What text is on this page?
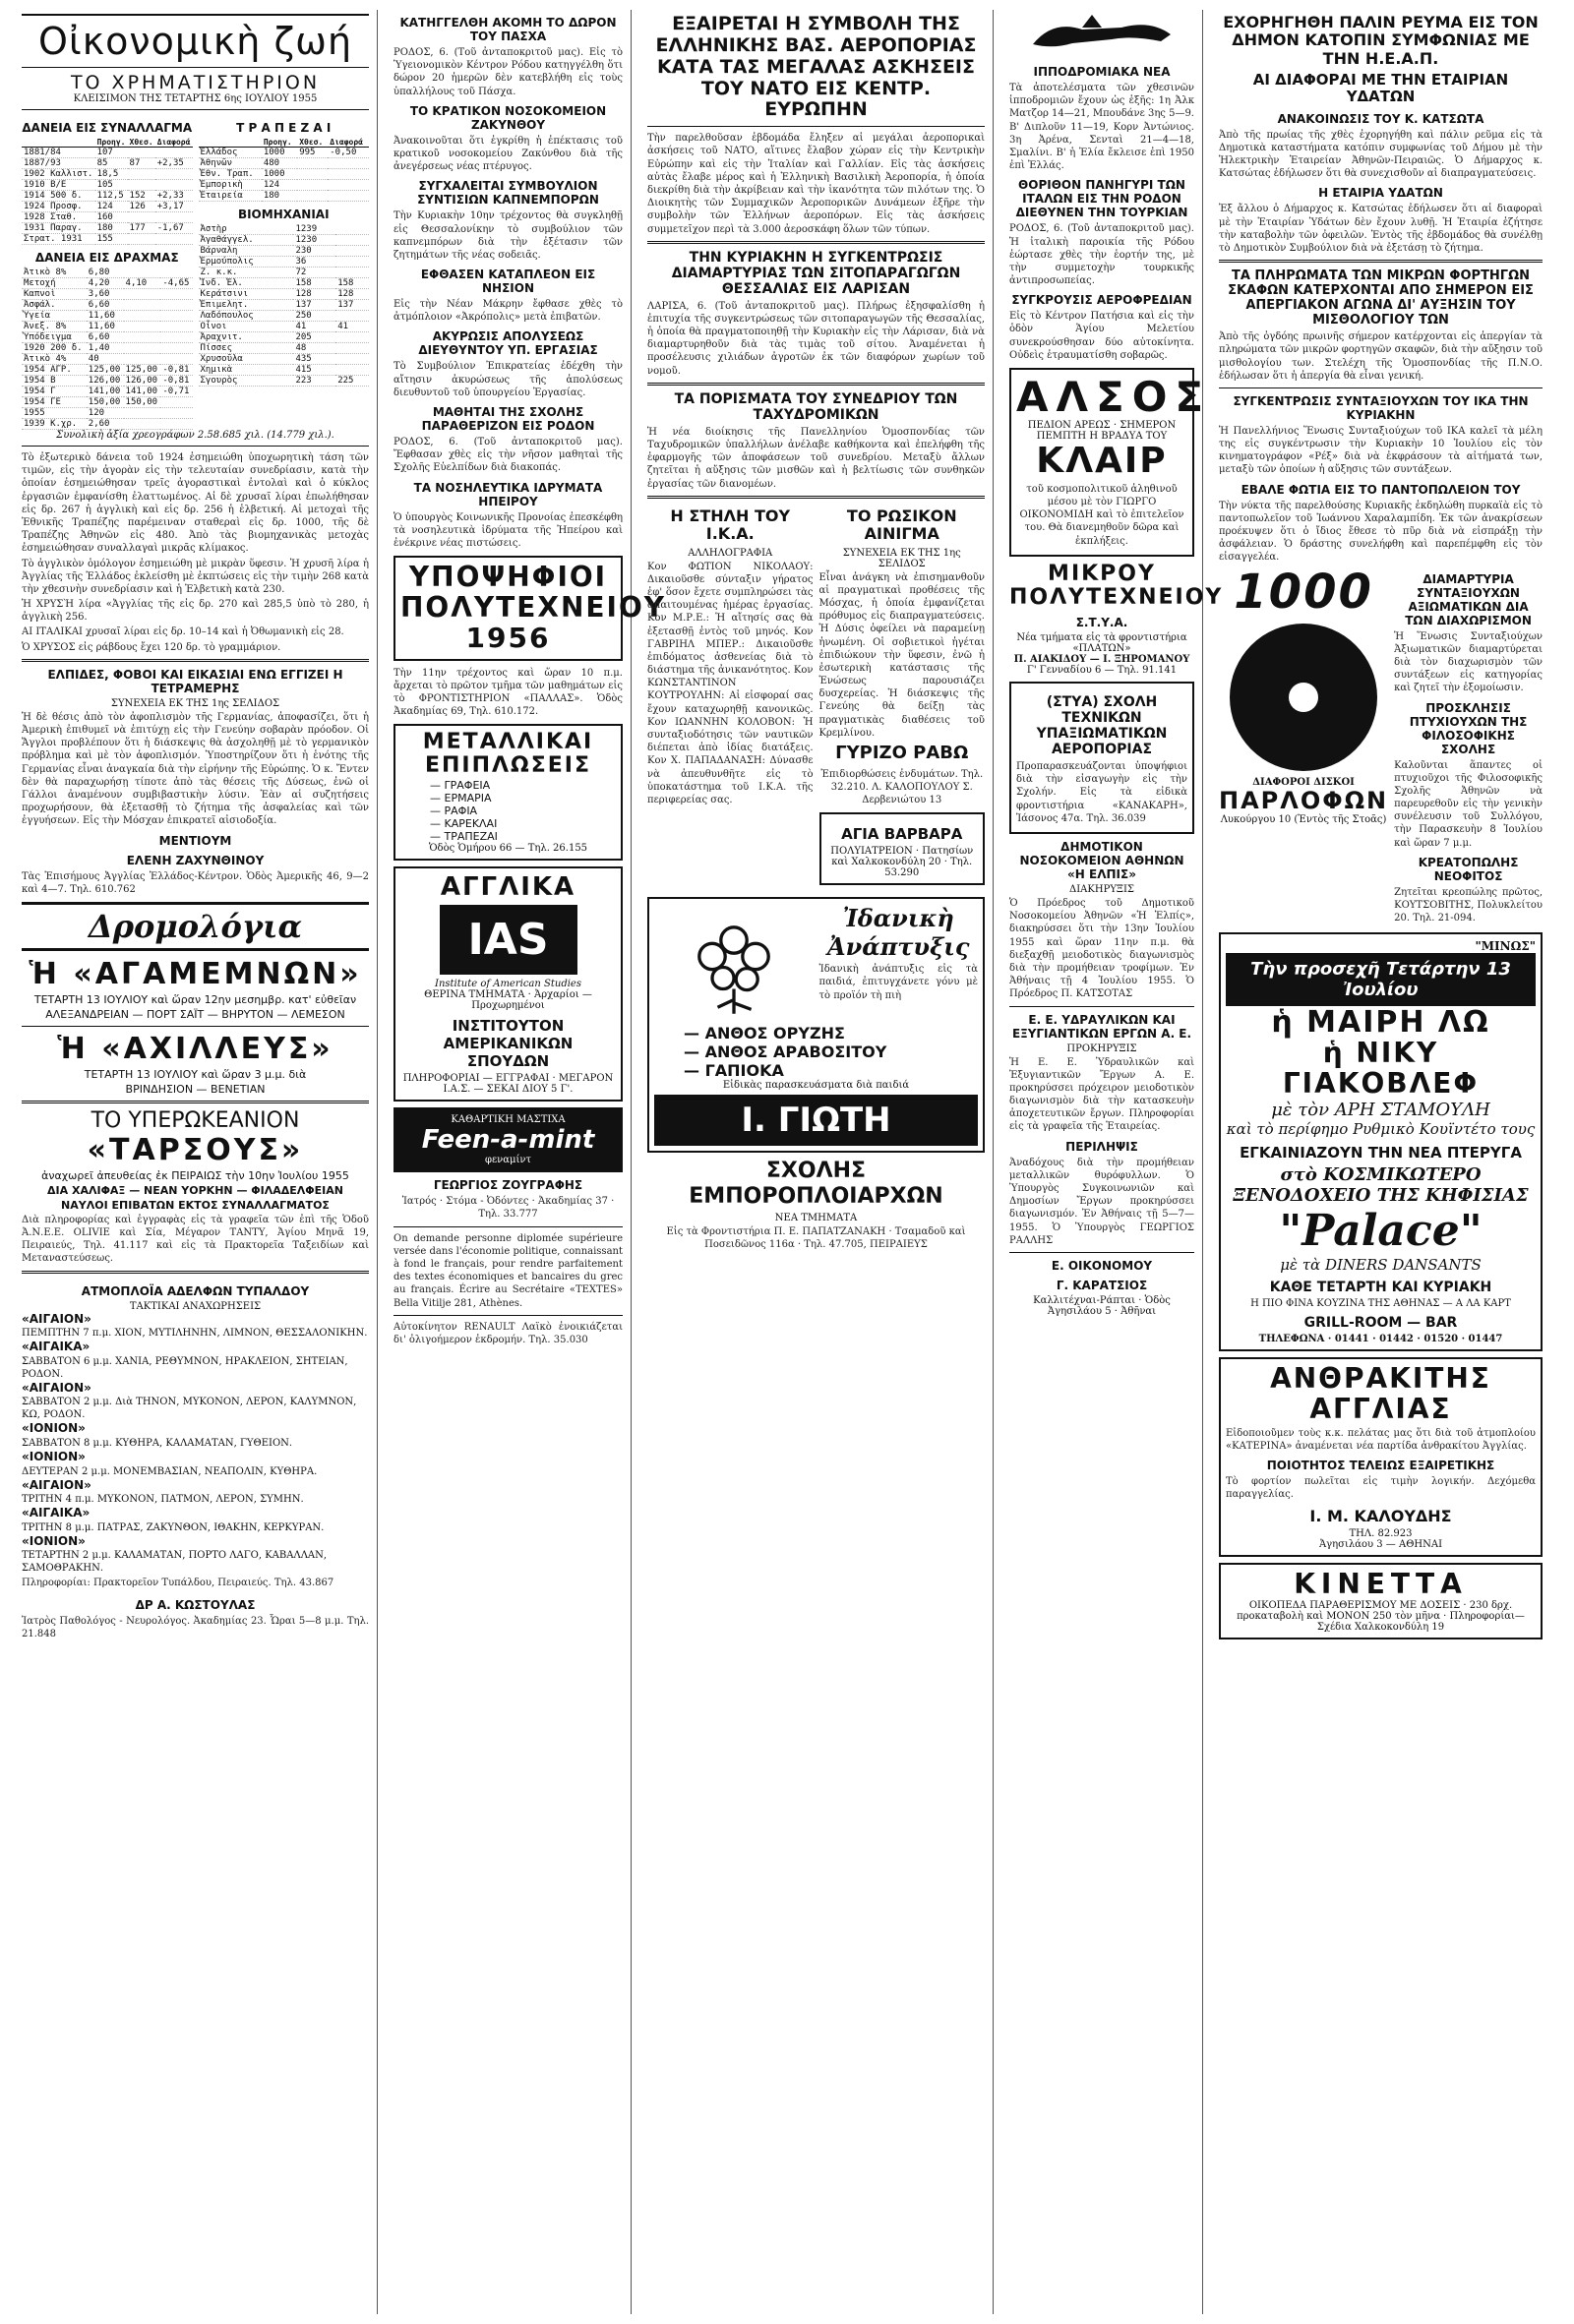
Οἰκονομικὴ ζωή
ΤΟ ΧΡΗΜΑΤΙΣΤΗΡΙΟΝ
ΚΛΕΙΣΙΜΟΝ ΤΗΣ ΤΕΤΑΡΤΗΣ 6ης ΙΟΥΛΙΟΥ 1955
ΔΑΝΕΙΑ ΕΙΣ ΣΥΝΑΛΛΑΓΜΑ
	Προηγ.	Χθεσ.	Διαφορά
1881/84	107		
1887/93	85	87	+2,35
1902 Καλλιστ.	18,5		
1910 Β/Ε	105		
1914 500 δ.	112,5	152	+2,33
1924 Προσφ.	124	126	+3,17
1928 Σταθ.	160		
1931 Παραγ.	180	177	-1,67
Στρατ. 1931	155		
ΔΑΝΕΙΑ ΕΙΣ ΔΡΑΧΜΑΣ
Ἀτικὸ 8%	6,80		
Μετοχή	4,20	4,10	-4,65
Καπνοὶ	3,60		
Ἀσφάλ.	6,60		
Ὑγεία	11,60		
Ἀνεξ. 8%	11,60		
Ὑπόδειγμα	6,60		
1920 200 δ.	1,40		
Ἀτικὸ 4%	40		
1954 ΑΓΡ.	125,00	125,00	-0,81
1954 Β	126,00	126,00	-0,81
1954 Γ	141,00	141,00	-0,71
1954 ΓΕ	150,00	150,00	
1955	120		
1939 Κ.χρ.	2,60		
Τ Ρ Α Π Ε Ζ Α Ι
	Προηγ.	Χθεσ.	Διαφορά
Ἑλλάδος	1000	995	-0,50
Ἀθηνῶν	480		
Ἐθν. Τραπ.	1000		
Ἐμπορικὴ	124		
Ἐταιρεία	180		
ΒΙΟΜΗΧΑΝΙΑΙ
Ἀστὴρ	1239	
Ἀγαθάγγελ.	1230	
Βάρναλη	230	
Ἑρμούπολις	36	
Ζ. κ.κ.	72	
Ἰνδ. Ἐλ.	158	158
Κεράτσινι	128	128
Ἐπιμελητ.	137	137
Λαδόπουλος	250	
Οἶνοι	41	41
Ἀραχνιτ.	205	
Πίσσες	48	
Χρυσοῦλα	435	
Χημικὰ	415	
Σγουρὸς	223	225
Συνολικὴ ἀξία χρεογράφων 2.58.685 χιλ. (14.779 χιλ.).

Τὸ ἐξωτερικὸ δάνεια τοῦ 1924 ἐσημειώθη ὑποχωρητικὴ τάση τῶν τιμῶν, εἰς τὴν ἀγορὰν εἰς τὴν τελευταίαν συνεδρίασιν, κατὰ τὴν ὁποίαν ἐσημειώθησαν τρεῖς ἀγοραστικαὶ ἐντολαὶ καὶ ὁ κύκλος ἐργασιῶν ἐμφανίσθη ἐλαττωμένος. Αἱ δὲ χρυσαῖ λίραι ἐπωλήθησαν εἰς δρ. 267 ἡ ἀγγλικὴ καὶ εἰς δρ. 256 ἡ ἑλβετική. Αἱ μετοχαὶ τῆς Ἐθνικῆς Τραπέζης παρέμειναν σταθεραὶ εἰς δρ. 1000, τῆς δὲ Τραπέζης Ἀθηνῶν εἰς 480. Ἀπὸ τὰς βιομηχανικὰς μετοχὰς ἐσημειώθησαν συναλλαγαὶ μικρᾶς κλίμακος.

Τὸ ἀγγλικὸν ὁμόλογον ἐσημειώθη μὲ μικρὰν ὕφεσιν. Ἡ χρυσῆ λίρα ἡ Ἀγγλίας τῆς Ἐλλάδος ἐκλείσθη μὲ ἐκπτώσεις εἰς τὴν τιμὴν 268 κατὰ τὴν χθεσινὴν συνεδρίασιν καὶ ἡ Ἑλβετικὴ κατὰ 230.

Ἡ ΧΡΥΣῊ λίρα «Ἀγγλίας τῆς εἰς δρ. 270 καὶ 285,5 ὑπὸ τὸ 280, ἡ ἀγγλικὴ 256.

ΑΙ ΙΤΑΛΙΚΑΙ χρυσαῖ λίραι εἰς δρ. 10–14 καὶ ἡ Ὀθωμανικὴ εἰς 28.

Ὁ ΧΡΥΣΟΣ εἰς ράβδους ἔχει 120 δρ. τὸ γραμμάριον.

ΕΛΠΙΔΕΣ, ΦΟΒΟΙ ΚΑΙ ΕΙΚΑΣΙΑΙ ΕΝΩ ΕΓΓΙΖΕΙ Η ΤΕΤΡΑΜΕΡΗΣ
ΣΥΝΕΧΕΙΑ ΕΚ ΤΗΣ 1ης ΣΕΛΙΔΟΣ

Ἡ δὲ θέσις ἀπὸ τὸν ἀφοπλισμὸν τῆς Γερμανίας, ἀποφασίζει, ὅτι ἡ Ἀμερικὴ ἐπιθυμεῖ νὰ ἐπιτύχῃ εἰς τὴν Γενεύην σοβαρὰν πρόοδον. Οἱ Ἄγγλοι προβλέπουν ὅτι ἡ διάσκεψις θὰ ἀσχοληθῇ μὲ τὸ γερμανικὸν πρόβλημα καὶ μὲ τὸν ἀφοπλισμόν. Ὑποστηρίζουν ὅτι ἡ ἑνότης τῆς Γερμανίας εἶναι ἀναγκαία διὰ τὴν εἰρήνην τῆς Εὐρώπης. Ὁ κ. Ἔντεν δὲν θὰ παραχωρήσῃ τίποτε ἀπὸ τὰς θέσεις τῆς Δύσεως, ἐνῶ οἱ Γάλλοι ἀναμένουν συμβιβαστικὴν λύσιν. Ἐὰν αἱ συζητήσεις προχωρήσουν, θὰ ἐξετασθῇ τὸ ζήτημα τῆς ἀσφαλείας καὶ τῶν ἐγγυήσεων. Εἰς τὴν Μόσχαν ἐπικρατεῖ αἰσιοδοξία.

ΜΕΝΤΙΟΥΜ
ΕΛΕΝΗ ΖΑΧΥΝΘΙΝΟΥ

Τὰς Ἐπισήμους Ἀγγλίας Ἑλλάδος-Κέντρον. Ὁδὸς Ἀμερικῆς 46, 9—2 καὶ 4—7. Τηλ. 610.762

Δρομολόγια
Ἡ «ΑΓΑΜΕΜΝΩΝ»
ΤΕΤΑΡΤΗ 13 ΙΟΥΛΙΟΥ καὶ ὥραν 12ην μεσημβρ. κατ' εὐθεῖαν
ΑΛΕΞΑΝΔΡΕΙΑΝ — ΠΟΡΤ ΣΑΪΤ — ΒΗΡΥΤΟΝ — ΛΕΜΕΣΟΝ
Ἡ «ΑΧΙΛΛΕΥΣ»
ΤΕΤΑΡΤΗ 13 ΙΟΥΛΙΟΥ καὶ ὥραν 3 μ.μ. διὰ
ΒΡΙΝΔΗΣΙΟΝ — ΒΕΝΕΤΙΑΝ
ΤΟ ΥΠΕΡΩΚΕΑΝΙΟΝ
«ΤΑΡΣΟΥΣ»
ἀναχωρεῖ ἀπευθείας ἐκ ΠΕΙΡΑΙΩΣ τὴν 10ην Ἰουλίου 1955
ΔΙΑ ΧΑΛΙΦΑΞ — ΝΕΑΝ ΥΟΡΚΗΝ — ΦΙΛΑΔΕΛΦΕΙΑΝ
ΝΑΥΛΟΙ ΕΠΙΒΑΤΩΝ ΕΚΤΟΣ ΣΥΝΑΛΛΑΓΜΑΤΟΣ

Διὰ πληροφορίας καὶ ἐγγραφὰς εἰς τὰ γραφεῖα τῶν ἐπὶ τῆς Ὁδοῦ Ἀ.Ν.Ε.Ε. OLIVIE καὶ Σία, Μέγαρον ΤΑΝΤΥ, Ἀγίου Μηνᾶ 19, Πειραιεύς, Τηλ. 41.117 καὶ εἰς τὰ Πρακτορεῖα Ταξειδίων καὶ Μεταναστεύσεως.

ΑΤΜΟΠΛΟΪΑ ΑΔΕΛΦΩΝ ΤΥΠΑΛΔΟΥ
ΤΑΚΤΙΚΑΙ ΑΝΑΧΩΡΗΣΕΙΣ
«ΑΙΓΑΙΟΝ»
ΠΕΜΠΤΗΝ 7 π.μ. ΧΙΟΝ, ΜΥΤΙΛΗΝΗΝ, ΛΙΜΝΟΝ, ΘΕΣΣΑΛΟΝΙΚΗΝ.
«ΑΙΓΑΙΚΑ»
ΣΑΒΒΑΤΟΝ 6 μ.μ. ΧΑΝΙΑ, ΡΕΘΥΜΝΟΝ, ΗΡΑΚΛΕΙΟΝ, ΣΗΤΕΙΑΝ, ΡΟΔΟΝ.
«ΑΙΓΑΙΟΝ»
ΣΑΒΒΑΤΟΝ 2 μ.μ. Διὰ ΤΗΝΟΝ, ΜΥΚΟΝΟΝ, ΛΕΡΟΝ, ΚΑΛΥΜΝΟΝ, ΚΩ, ΡΟΔΟΝ.
«ΙΟΝΙΟΝ»
ΣΑΒΒΑΤΟΝ 8 μ.μ. ΚΥΘΗΡΑ, ΚΑΛΑΜΑΤΑΝ, ΓΥΘΕΙΟΝ.
«ΙΟΝΙΟΝ»
ΔΕΥΤΕΡΑΝ 2 μ.μ. ΜΟΝΕΜΒΑΣΙΑΝ, ΝΕΑΠΟΛΙΝ, ΚΥΘΗΡΑ.
«ΑΙΓΑΙΟΝ»
ΤΡΙΤΗΝ 4 π.μ. ΜΥΚΟΝΟΝ, ΠΑΤΜΟΝ, ΛΕΡΟΝ, ΣΥΜΗΝ.
«ΑΙΓΑΙΚΑ»
ΤΡΙΤΗΝ 8 μ.μ. ΠΑΤΡΑΣ, ΖΑΚΥΝΘΟΝ, ΙΘΑΚΗΝ, ΚΕΡΚΥΡΑΝ.
«ΙΟΝΙΟΝ»
ΤΕΤΑΡΤΗΝ 2 μ.μ. ΚΑΛΑΜΑΤΑΝ, ΠΟΡΤΟ ΛΑΓΟ, ΚΑΒΑΛΛΑΝ, ΣΑΜΟΘΡΑΚΗΝ.

Πληροφορίαι: Πρακτορεῖον Τυπάλδου, Πειραιεύς. Τηλ. 43.867

ΔΡ Α. ΚΩΣΤΟΥΛΑΣ

Ἰατρὸς Παθολόγος - Νευρολόγος. Ἀκαδημίας 23. Ὧραι 5—8 μ.μ. Τηλ. 21.848

ΚΑΤΗΓΓΕΛΘΗ ΑΚΟΜΗ ΤΟ ΔΩΡΟΝ ΤΟΥ ΠΑΣΧΑ

ΡΟΔΟΣ, 6. (Τοῦ ἀνταποκριτοῦ μας). Εἰς τὸ Ὑγειονομικὸν Κέντρον Ρόδου κατηγγέλθη ὅτι δώρον 20 ἡμερῶν δὲν κατεβλήθη εἰς τοὺς ὑπαλλήλους τοῦ Πάσχα.

ΤΟ ΚΡΑΤΙΚΟΝ ΝΟΣΟΚΟΜΕΙΟΝ ΖΑΚΥΝΘΟΥ

Ἀνακοινοῦται ὅτι ἐγκρίθη ἡ ἐπέκτασις τοῦ κρατικοῦ νοσοκομείου Ζακύνθου διὰ τῆς ἀνεγέρσεως νέας πτέρυγος.

ΣΥΓΧΑΛΕΙΤΑΙ ΣΥΜΒΟΥΛΙΟΝ ΣΥΝΤΙΣΙΩΝ ΚΑΠΝΕΜΠΟΡΩΝ

Τὴν Κυριακὴν 10ην τρέχοντος θὰ συγκληθῇ εἰς Θεσσαλονίκην τὸ συμβούλιον τῶν καπνεμπόρων διὰ τὴν ἐξέτασιν τῶν ζητημάτων τῆς νέας σοδειᾶς.

ΕΦΘΑΣΕΝ ΚΑΤΑΠΛΕΟΝ ΕΙΣ ΝΗΣΙΟΝ

Εἰς τὴν Νέαν Μάκρην ἔφθασε χθὲς τὸ ἀτμόπλοιον «Ἀκρόπολις» μετὰ ἐπιβατῶν.

ΑΚΥΡΩΣΙΣ ΑΠΟΛΥΣΕΩΣ ΔΙΕΥΘΥΝΤΟΥ ΥΠ. ΕΡΓΑΣΙΑΣ

Τὸ Συμβούλιον Ἐπικρατείας ἐδέχθη τὴν αἴτησιν ἀκυρώσεως τῆς ἀπολύσεως διευθυντοῦ τοῦ ὑπουργείου Ἐργασίας.

ΜΑΘΗΤΑΙ ΤΗΣ ΣΧΟΛΗΣ ΠΑΡΑΘΕΡΙΖΟΝ ΕΙΣ ΡΟΔΟΝ

ΡΟΔΟΣ, 6. (Τοῦ ἀνταποκριτοῦ μας). Ἔφθασαν χθὲς εἰς τὴν νῆσον μαθηταὶ τῆς Σχολῆς Εὐελπίδων διὰ διακοπάς.

ΤΑ ΝΟΣΗΛΕΥΤΙΚΑ ΙΔΡΥΜΑΤΑ ΗΠΕΙΡΟΥ

Ὁ ὑπουργὸς Κοινωνικῆς Προνοίας ἐπεσκέφθη τὰ νοσηλευτικὰ ἱδρύματα τῆς Ἠπείρου καὶ ἐνέκρινε νέας πιστώσεις.

ΥΠΟΨΗΦΙΟΙ ΠΟΛΥΤΕΧΝΕΙΟΥ 1956

Τὴν 11ην τρέχοντος καὶ ὥραν 10 π.μ. ἄρχεται τὸ πρῶτον τμῆμα τῶν μαθημάτων εἰς τὸ ΦΡΟΝΤΙΣΤΗΡΙΟΝ «ΠΑΛΛΑΣ». Ὁδὸς Ἀκαδημίας 69, Τηλ. 610.172.

ΜΕΤΑΛΛΙΚΑΙ ΕΠΙΠΛΩΣΕΙΣ
— ΓΡΑΦΕΙΑ
— ΕΡΜΑΡΙΑ
— ΡΑΦΙΑ
— ΚΑΡΕΚΛΑΙ
— ΤΡΑΠΕΖΑΙ
Ὁδὸς Ὁμήρου 66 — Τηλ. 26.155
ΑΓΓΛΙΚΑ
IAS
Institute of American Studies
ΘΕΡΙΝΑ ΤΜΗΜΑΤΑ · Ἀρχαρίοι — Προχωρημένοι
ΙΝΣΤΙΤΟΥΤΟΝ ΑΜΕΡΙΚΑΝΙΚΩΝ ΣΠΟΥΔΩΝ
ΠΛΗΡΟΦΟΡΙΑΙ — ΕΓΓΡΑΦΑΙ · ΜΕΓΑΡΟΝ Ι.Α.Σ. — ΣΕΚΑΙ ΔΙΟΥ 5 Γ'.
ΚΑΘΑΡΤΙΚΗ ΜΑΣΤΙΧΑ
Feen-a-mint
φεναμίντ
ΓΕΩΡΓΙΟΣ ΖΟΥΓΡΑΦΗΣ

Ἰατρός · Στόμα - Ὀδόντες · Ἀκαδημίας 37 · Τηλ. 33.777

On demande personne diplomée supérieure versée dans l'économie politique, connaissant à fond le français, pour rendre parfaitement des textes économiques et bancaires du grec au français. Écrire au Secrétaire «TEXTES» Bella Vitilje 281, Athènes.

Αὐτοκίνητον RENAULT Λαϊκὸ ἐνοικιάζεται δι' ὀλιγοήμερον ἐκδρομήν. Τηλ. 35.030

ΕΞΑΙΡΕΤΑΙ Η ΣΥΜΒΟΛΗ ΤΗΣ ΕΛΛΗΝΙΚΗΣ ΒΑΣ. ΑΕΡΟΠΟΡΙΑΣ ΚΑΤΑ ΤΑΣ ΜΕΓΑΛΑΣ ΑΣΚΗΣΕΙΣ ΤΟΥ ΝΑΤΟ ΕΙΣ ΚΕΝΤΡ. ΕΥΡΩΠΗΝ

Τὴν παρελθοῦσαν ἑβδομάδα ἔληξεν αἱ μεγάλαι ἀεροπορικαὶ ἀσκήσεις τοῦ ΝΑΤΟ, αἵτινες ἔλαβον χώραν εἰς τὴν Κεντρικὴν Εὐρώπην καὶ εἰς τὴν Ἰταλίαν καὶ Γαλλίαν. Εἰς τὰς ἀσκήσεις αὐτὰς ἔλαβε μέρος καὶ ἡ Ἑλληνικὴ Βασιλικὴ Ἀεροπορία, ἡ ὁποία διεκρίθη διὰ τὴν ἀκρίβειαν καὶ τὴν ἱκανότητα τῶν πιλότων της. Ὁ Διοικητὴς τῶν Συμμαχικῶν Ἀεροπορικῶν Δυνάμεων ἐξῆρε τὴν συμβολὴν τῶν Ἑλλήνων ἀεροπόρων. Εἰς τὰς ἀσκήσεις συμμετεῖχον περὶ τὰ 3.000 ἀεροσκάφη ὅλων τῶν τύπων.

ΤΗΝ ΚΥΡΙΑΚΗΝ Η ΣΥΓΚΕΝΤΡΩΣΙΣ ΔΙΑΜΑΡΤΥΡΙΑΣ ΤΩΝ ΣΙΤΟΠΑΡΑΓΩΓΩΝ ΘΕΣΣΑΛΙΑΣ ΕΙΣ ΛΑΡΙΣΑΝ

ΛΑΡΙΣΑ, 6. (Τοῦ ἀνταποκριτοῦ μας). Πλήρως ἐξησφαλίσθη ἡ ἐπιτυχία τῆς συγκεντρώσεως τῶν σιτοπαραγωγῶν τῆς Θεσσαλίας, ἡ ὁποία θὰ πραγματοποιηθῇ τὴν Κυριακὴν εἰς τὴν Λάρισαν, διὰ νὰ διαμαρτυρηθοῦν διὰ τὰς τιμὰς τοῦ σίτου. Ἀναμένεται ἡ προσέλευσις χιλιάδων ἀγροτῶν ἐκ τῶν διαφόρων χωρίων τοῦ νομοῦ.

ΤΑ ΠΟΡΙΣΜΑΤΑ ΤΟΥ ΣΥΝΕΔΡΙΟΥ ΤΩΝ ΤΑΧΥΔΡΟΜΙΚΩΝ

Ἡ νέα διοίκησις τῆς Πανελληνίου Ὁμοσπονδίας τῶν Ταχυδρομικῶν ὑπαλλήλων ἀνέλαβε καθήκοντα καὶ ἐπελήφθη τῆς ἐφαρμογῆς τῶν ἀποφάσεων τοῦ συνεδρίου. Μεταξὺ ἄλλων ζητεῖται ἡ αὔξησις τῶν μισθῶν καὶ ἡ βελτίωσις τῶν συνθηκῶν ἐργασίας τῶν διανομέων.

Η ΣΤΗΛΗ ΤΟΥ Ι.Κ.Α.
ΑΛΛΗΛΟΓΡΑΦΙΑ

Κον ΦΩΤΙΟΝ ΝΙΚΟΛΑΟΥ: Δικαιοῦσθε σύνταξιν γήρατος ἐφ' ὅσον ἔχετε συμπληρώσει τὰς ἀπαιτουμένας ἡμέρας ἐργασίας. Κον Μ.Ρ.Ε.: Ἡ αἴτησίς σας θὰ ἐξετασθῇ ἐντὸς τοῦ μηνός. Κον ΓΑΒΡΙΗΛ ΜΠΕΡ.: Δικαιοῦσθε ἐπιδόματος ἀσθενείας διὰ τὸ διάστημα τῆς ἀνικανότητος. Κον ΚΩΝΣΤΑΝΤΙΝΟΝ ΚΟΥΤΡΟΥΛΗΝ: Αἱ εἰσφοραί σας ἔχουν καταχωρηθῇ κανονικῶς. Κον ΙΩΑΝΝΗΝ ΚΟΛΟΒΟΝ: Ἡ συνταξιοδότησις τῶν ναυτικῶν διέπεται ἀπὸ ἰδίας διατάξεις. Κον Χ. ΠΑΠΑΔΑΝΑΣΗ: Δύνασθε νὰ ἀπευθυνθῆτε εἰς τὸ ὑποκατάστημα τοῦ Ι.Κ.Α. τῆς περιφερείας σας.

ΤΟ ΡΩΣΙΚΟΝ ΑΙΝΙΓΜΑ
ΣΥΝΕΧΕΙΑ ΕΚ ΤΗΣ 1ης ΣΕΛΙΔΟΣ

Εἶναι ἀνάγκη νὰ ἐπισημανθοῦν αἱ πραγματικαὶ προθέσεις τῆς Μόσχας, ἡ ὁποία ἐμφανίζεται πρόθυμος εἰς διαπραγματεύσεις. Ἡ Δύσις ὀφείλει νὰ παραμείνῃ ἡνωμένη. Οἱ σοβιετικοὶ ἡγέται ἐπιδιώκουν τὴν ὕφεσιν, ἐνῶ ἡ ἐσωτερικὴ κατάστασις τῆς Ἑνώσεως παρουσιάζει δυσχερείας. Ἡ διάσκεψις τῆς Γενεύης θὰ δείξῃ τὰς πραγματικὰς διαθέσεις τοῦ Κρεμλίνου.

ΓΥΡΙΖΟ ΡΑΒΩ

Ἐπιδιορθώσεις ἐνδυμάτων. Τηλ. 32.210. Λ. ΚΑΛΟΠΟΥΛΟΥ Σ. Δερβενιώτου 13

ΑΓΙΑ ΒΑΡΒΑΡΑ
ΠΟΛΥΙΑΤΡΕΙΟΝ · Πατησίων καὶ Χαλκοκονδύλη 20 · Τηλ. 53.290
Ἰδανικὴ Ἀνάπτυξις

Ἰδανικὴ ἀνάπτυξις εἰς τὰ παιδιά, ἐπιτυγχάνετε γόνυ μὲ τὸ προϊόν τὴ πιὴ

— ΑΝΘΟΣ ΟΡΥΖΗΣ
— ΑΝΘΟΣ ΑΡΑΒΟΣΙΤΟΥ
— ΓΑΠΙΟΚΑ
Εἰδικὰς παρασκευάσματα διὰ παιδιά
Ι. ΓΙΩΤΗ
ΣΧΟΛΗΣ ΕΜΠΟΡΟΠΛΟΙΑΡΧΩΝ
ΝΕΑ ΤΜΗΜΑΤΑ

Εἰς τὰ Φροντιστήρια Π. Ε. ΠΑΠΑΤΖΑΝΑΚΗ · Τσαμαδοῦ καὶ Ποσειδῶνος 116α · Τηλ. 47.705, ΠΕΙΡΑΙΕΥΣ

ΙΠΠΟΔΡΟΜΙΑΚΑ ΝΕΑ

Τὰ ἀποτελέσματα τῶν χθεσινῶν ἱπποδρομιῶν ἔχουν ὡς ἑξῆς: 1η Ἀλκ Ματζορ 14—21, Μπουδάνε 3ης 5—9. Β' Διπλοῦν 11—19, Κορν Ἀντώνιος. 3η Ἀρένα, Σενταὶ 21—4—18, Σμαλίνι. Β' ἡ Ἐλία ἔκλεισε ἐπὶ 1950 ἐπὶ Ἐλλάς.

ΘΟΡΙΘΟΝ ΠΑΝΗΓΥΡΙ ΤΩΝ ΙΤΑΛΩΝ ΕΙΣ ΤΗΝ ΡΟΔΟΝ ΔΙΕΘΥΝΕΝ ΤΗΝ ΤΟΥΡΚΙΑΝ

ΡΟΔΟΣ, 6. (Τοῦ ἀνταποκριτοῦ μας). Ἡ ἰταλικὴ παροικία τῆς Ρόδου ἑώρτασε χθὲς τὴν ἑορτήν της, μὲ τὴν συμμετοχὴν τουρκικῆς ἀντιπροσωπείας.

ΣΥΓΚΡΟΥΣΙΣ ΑΕΡΟΦΡΕΔΙΑΝ

Εἰς τὸ Κέντρον Πατήσια καὶ εἰς τὴν ὁδὸν Ἁγίου Μελετίου συνεκρούσθησαν δύο αὐτοκίνητα. Οὐδεὶς ἐτραυματίσθη σοβαρῶς.

ΑΛΣΟΣ
ΠΕΔΙΟΝ ΑΡΕΩΣ · ΣΗΜΕΡΟΝ ΠΕΜΠΤΗ Η ΒΡΑΔΥΑ ΤΟΥ
ΚΛΑΙΡ

τοῦ κοσμοπολιτικοῦ ἀληθινοῦ μέσου μὲ τὸν ΓΙΩΡΓΟ ΟΙΚΟΝΟΜΙΔΗ καὶ τὸ ἐπιτελεῖον του. Θὰ διανεμηθοῦν δῶρα καὶ ἐκπλήξεις.

ΜΙΚΡΟΥ ΠΟΛΥΤΕΧΝΕΙΟΥ
Σ.Τ.Υ.Α.
Νέα τμήματα εἰς τὰ φροντιστήρια «ΠΛΑΤΩΝ»
Π. ΑΙΑΚΙΔΟΥ — Ι. ΞΗΡΟΜΑΝΟΥ
Γ' Γενναδίου 6 — Τηλ. 91.141
(ΣΤΥΑ) ΣΧΟΛΗ ΤΕΧΝΙΚΩΝ ΥΠΑΞΙΩΜΑΤΙΚΩΝ ΑΕΡΟΠΟΡΙΑΣ

Προπαρασκευάζονται ὑποψήφιοι διὰ τὴν εἰσαγωγὴν εἰς τὴν Σχολήν. Εἰς τὰ εἰδικὰ φροντιστήρια «ΚΑΝΑΚΑΡΗ», Ἰάσονος 47α. Τηλ. 36.039

ΔΗΜΟΤΙΚΟΝ ΝΟΣΟΚΟΜΕΙΟΝ ΑΘΗΝΩΝ «Η ΕΛΠΙΣ»
ΔΙΑΚΗΡΥΞΙΣ

Ὁ Πρόεδρος τοῦ Δημοτικοῦ Νοσοκομείου Ἀθηνῶν «Ἡ Ἐλπίς», διακηρύσσει ὅτι τὴν 13ην Ἰουλίου 1955 καὶ ὥραν 11ην π.μ. θὰ διεξαχθῇ μειοδοτικὸς διαγωνισμὸς διὰ τὴν προμήθειαν τροφίμων. Ἐν Ἀθήναις τῇ 4 Ἰουλίου 1955. Ὁ Πρόεδρος Π. ΚΑΤΣΟΤΑΣ

Ε. Ε. ΥΔΡΑΥΛΙΚΩΝ ΚΑΙ ΕΞΥΓΙΑΝΤΙΚΩΝ ΕΡΓΩΝ Α. Ε.
ΠΡΟΚΗΡΥΞΙΣ

Ἡ Ε. Ε. Ὑδραυλικῶν καὶ Ἐξυγιαντικῶν Ἔργων Α. Ε. προκηρύσσει πρόχειρον μειοδοτικὸν διαγωνισμὸν διὰ τὴν κατασκευὴν ἀποχετευτικῶν ἔργων. Πληροφορίαι εἰς τὰ γραφεῖα τῆς Ἑταιρείας.

ΠΕΡΙΛΗΨΙΣ

Ἀναδόχους διὰ τὴν προμήθειαν μεταλλικῶν θυρόφυλλων. Ὁ Ὑπουργὸς Συγκοινωνιῶν καὶ Δημοσίων Ἔργων προκηρύσσει διαγωνισμόν. Ἐν Ἀθήναις τῇ 5—7—1955. Ὁ Ὑπουργὸς ΓΕΩΡΓΙΟΣ ΡΑΛΛΗΣ

Ε. ΟΙΚΟΝΟΜΟΥ
Γ. ΚΑΡΑΤΣΙΟΣ
Καλλιτέχναι-Ράπται · Ὁδὸς Ἀγησιλάου 5 · Ἀθῆναι
ΕΧΟΡΗΓΗΘΗ ΠΑΛΙΝ ΡΕΥΜΑ ΕΙΣ ΤΟΝ ΔΗΜΟΝ ΚΑΤΟΠΙΝ ΣΥΜΦΩΝΙΑΣ ΜΕ ΤΗΝ Η.Ε.Α.Π.
ΑΙ ΔΙΑΦΟΡΑΙ ΜΕ ΤΗΝ ΕΤΑΙΡΙΑΝ ΥΔΑΤΩΝ
ΑΝΑΚΟΙΝΩΣΙΣ ΤΟΥ Κ. ΚΑΤΣΩΤΑ

Ἀπὸ τῆς πρωίας τῆς χθὲς ἐχορηγήθη καὶ πάλιν ρεῦμα εἰς τὰ Δημοτικὰ καταστήματα κατόπιν συμφωνίας τοῦ Δήμου μὲ τὴν Ἡλεκτρικὴν Ἑταιρείαν Ἀθηνῶν-Πειραιῶς. Ὁ Δήμαρχος κ. Κατσώτας ἐδήλωσεν ὅτι θὰ συνεχισθοῦν αἱ διαπραγματεύσεις.

Η ΕΤΑΙΡΙΑ ΥΔΑΤΩΝ

Ἐξ ἄλλου ὁ Δήμαρχος κ. Κατσώτας ἐδήλωσεν ὅτι αἱ διαφοραὶ μὲ τὴν Ἑταιρίαν Ὑδάτων δὲν ἔχουν λυθῇ. Ἡ Ἑταιρία ἐζήτησε τὴν καταβολὴν τῶν ὀφειλῶν. Ἐντὸς τῆς ἑβδομάδος θὰ συνέλθῃ τὸ Δημοτικὸν Συμβούλιον διὰ νὰ ἐξετάσῃ τὸ ζήτημα.

ΤΑ ΠΛΗΡΩΜΑΤΑ ΤΩΝ ΜΙΚΡΩΝ ΦΟΡΤΗΓΩΝ ΣΚΑΦΩΝ ΚΑΤΕΡΧΟΝΤΑΙ ΑΠΟ ΣΗΜΕΡΟΝ ΕΙΣ ΑΠΕΡΓΙΑΚΟΝ ΑΓΩΝΑ ΔΙ' ΑΥΞΗΣΙΝ ΤΟΥ ΜΙΣΘΟΛΟΓΙΟΥ ΤΩΝ

Ἀπὸ τῆς ὀγδόης πρωινῆς σήμερον κατέρχονται εἰς ἀπεργίαν τὰ πληρώματα τῶν μικρῶν φορτηγῶν σκαφῶν, διὰ τὴν αὔξησιν τοῦ μισθολογίου των. Στελέχη τῆς Ὁμοσπονδίας τῆς Π.Ν.Ο. ἐδήλωσαν ὅτι ἡ ἀπεργία θὰ εἶναι γενική.

ΣΥΓΚΕΝΤΡΩΣΙΣ ΣΥΝΤΑΞΙΟΥΧΩΝ ΤΟΥ ΙΚΑ ΤΗΝ ΚΥΡΙΑΚΗΝ

Ἡ Πανελλήνιος Ἕνωσις Συνταξιούχων τοῦ ΙΚΑ καλεῖ τὰ μέλη της εἰς συγκέντρωσιν τὴν Κυριακὴν 10 Ἰουλίου εἰς τὸν κινηματογράφον «Ρέξ» διὰ νὰ ἐκφράσουν τὰ αἰτήματά των, μεταξὺ τῶν ὁποίων ἡ αὔξησις τῶν συντάξεων.

ΕΒΑΛΕ ΦΩΤΙΑ ΕΙΣ ΤΟ ΠΑΝΤΟΠΩΛΕΙΟΝ ΤΟΥ

Τὴν νύκτα τῆς παρελθούσης Κυριακῆς ἐκδηλώθη πυρκαϊὰ εἰς τὸ παντοπωλεῖον τοῦ Ἰωάννου Χαραλαμπίδη. Ἐκ τῶν ἀνακρίσεων προέκυψεν ὅτι ὁ ἴδιος ἔθεσε τὸ πῦρ διὰ νὰ εἰσπράξῃ τὴν ἀσφάλειαν. Ὁ δράστης συνελήφθη καὶ παρεπέμφθη εἰς τὸν εἰσαγγελέα.

1000
ΔΙΑΦΟΡΟΙ ΔΙΣΚΟΙ
ΠΑΡΛΟΦΩΝ
Λυκούργου 10 (Ἐντὸς τῆς Στοᾶς)
ΔΙΑΜΑΡΤΥΡΙΑ ΣΥΝΤΑΞΙΟΥΧΩΝ ΑΞΙΩΜΑΤΙΚΩΝ ΔΙΑ ΤΩΝ ΔΙΑΧΩΡΙΣΜΟΝ

Ἡ Ἕνωσις Συνταξιούχων Ἀξιωματικῶν διαμαρτύρεται διὰ τὸν διαχωρισμὸν τῶν συντάξεων εἰς κατηγορίας καὶ ζητεῖ τὴν ἐξομοίωσιν.

ΠΡΟΣΚΛΗΣΙΣ ΠΤΥΧΙΟΥΧΩΝ ΤΗΣ ΦΙΛΟΣΟΦΙΚΗΣ ΣΧΟΛΗΣ

Καλοῦνται ἅπαντες οἱ πτυχιοῦχοι τῆς Φιλοσοφικῆς Σχολῆς Ἀθηνῶν νὰ παρευρεθοῦν εἰς τὴν γενικὴν συνέλευσιν τοῦ Συλλόγου, τὴν Παρασκευὴν 8 Ἰουλίου καὶ ὥραν 7 μ.μ.

ΚΡΕΑΤΟΠΩΛΗΣ ΝΕΟΦΙΤΟΣ

Ζητεῖται κρεοπώλης πρῶτος, ΚΟΥΤΣΟΒΙΤΗΣ, Πολυκλείτου 20. Τηλ. 21-094.

"ΜΙΝΩΣ"
Τὴν προσεχῆ Τετάρτην 13 Ἰουλίου
ἡ ΜΑΙΡΗ ΛΩ
ἡ ΝΙΚΥ ΓΙΑΚΟΒΛΕΦ
μὲ τὸν ΑΡΗ ΣΤΑΜΟΥΛΗ
καὶ τὸ περίφημο Ρυθμικὸ Κουϊντέτο τους
ΕΓΚΑΙΝΙΑΖΟΥΝ ΤΗΝ ΝΕΑ ΠΤΕΡΥΓΑ
στὸ ΚΟΣΜΙΚΩΤΕΡΟ ΞΕΝΟΔΟΧΕΙΟ ΤΗΣ ΚΗΦΙΣΙΑΣ
"Palace"
μὲ τὰ DINERS DANSANTS
ΚΑΘΕ ΤΕΤΑΡΤΗ ΚΑΙ ΚΥΡΙΑΚΗ
Η ΠΙΟ ΦΙΝΑ ΚΟΥΖΙΝΑ ΤΗΣ ΑΘΗΝΑΣ — Α ΛΑ ΚΑΡΤ
GRILL-ROOM — BAR
ΤΗΛΕΦΩΝΑ · 01441 · 01442 · 01520 · 01447
ΑΝΘΡΑΚΙΤΗΣ ΑΓΓΛΙΑΣ

Εἰδοποιοῦμεν τοὺς κ.κ. πελάτας μας ὅτι διὰ τοῦ ἀτμοπλοίου «ΚΑΤΕΡΙΝΑ» ἀναμένεται νέα παρτίδα ἀνθρακίτου Ἀγγλίας.

ΠΟΙΟΤΗΤΟΣ ΤΕΛΕΙΩΣ ΕΞΑΙΡΕΤΙΚΗΣ

Τὸ φορτίον πωλεῖται εἰς τιμὴν λογικήν. Δεχόμεθα παραγγελίας.

Ι. Μ. ΚΑΛΟΥΔΗΣ
ΤΗΛ. 82.923
Ἀγησιλάου 3 — ΑΘΗΝΑΙ
ΚΙΝΕΤΤΑ
ΟΙΚΟΠΕΔΑ ΠΑΡΑΘΕΡΙΣΜΟΥ ΜΕ ΔΟΣΕΙΣ · 230 δρχ. προκαταβολὴ καὶ ΜΟΝΟΝ 250 τὸν μῆνα · Πληροφορίαι—Σχέδια Χαλκοκονδύλη 19
